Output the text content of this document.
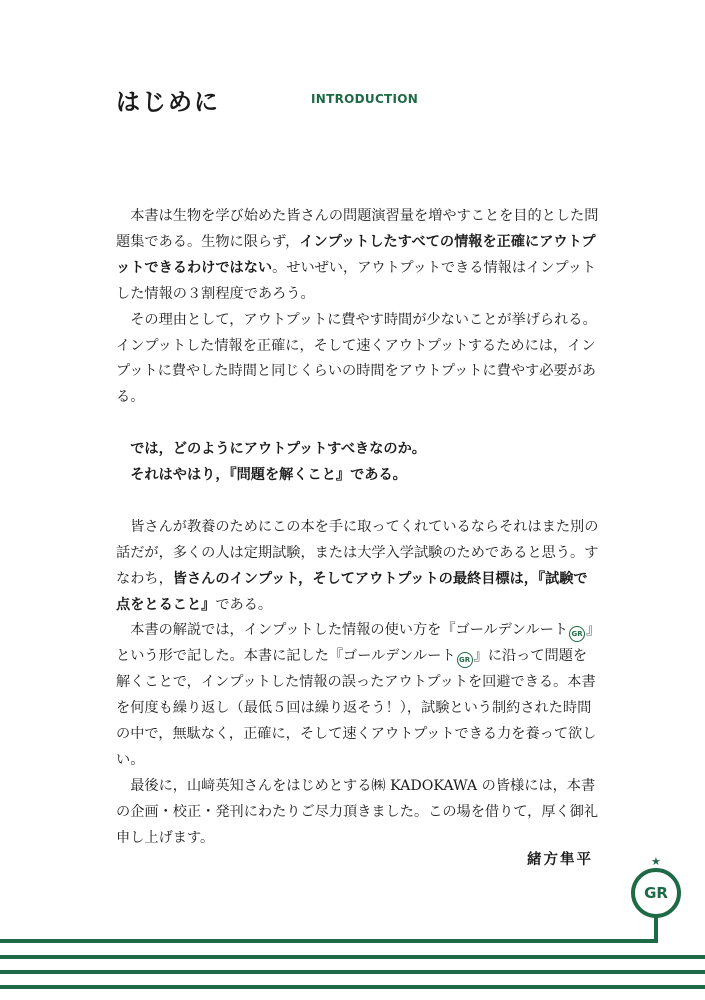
はじめに	INTRODUCTION

　本書は生物を学び始めた皆さんの問題演習量を増やすことを目的とした問題集である。生物に限らず，インプットしたすべての情報を正確にアウトプットできるわけではない。せいぜい，アウトプットできる情報はインプットした情報の３割程度であろう。

　その理由として，アウトプットに費やす時間が少ないことが挙げられる。インプットした情報を正確に，そして速くアウトプットするためには，インプットに費やした時間と同じくらいの時間をアウトプットに費やす必要がある。

　では，どのようにアウトプットすべきなのか。

　それはやはり，『問題を解くこと』である。

　皆さんが教養のためにこの本を手に取ってくれているならそれはまた別の話だが，多くの人は定期試験，または大学入学試験のためであると思う。すなわち，皆さんのインプット，そしてアウトプットの最終目標は，『試験で点をとること』である。

　本書の解説では，インプットした情報の使い方を『ゴールデンルート GR 』という形で記した。本書に記した『ゴールデンルート GR 』に沿って問題を解くことで，インプットした情報の誤ったアウトプットを回避できる。本書を何度も繰り返し（最低５回は繰り返そう！），試験という制約された時間の中で，無駄なく，正確に，そして速くアウトプットできる力を養って欲しい。

　最後に，山﨑英知さんをはじめとする㈱ KADOKAWA の皆様には，本書の企画・校正・発刊にわたりご尽力頂きました。この場を借りて，厚く御礼申し上げます。

緒方隼平	★
GR
